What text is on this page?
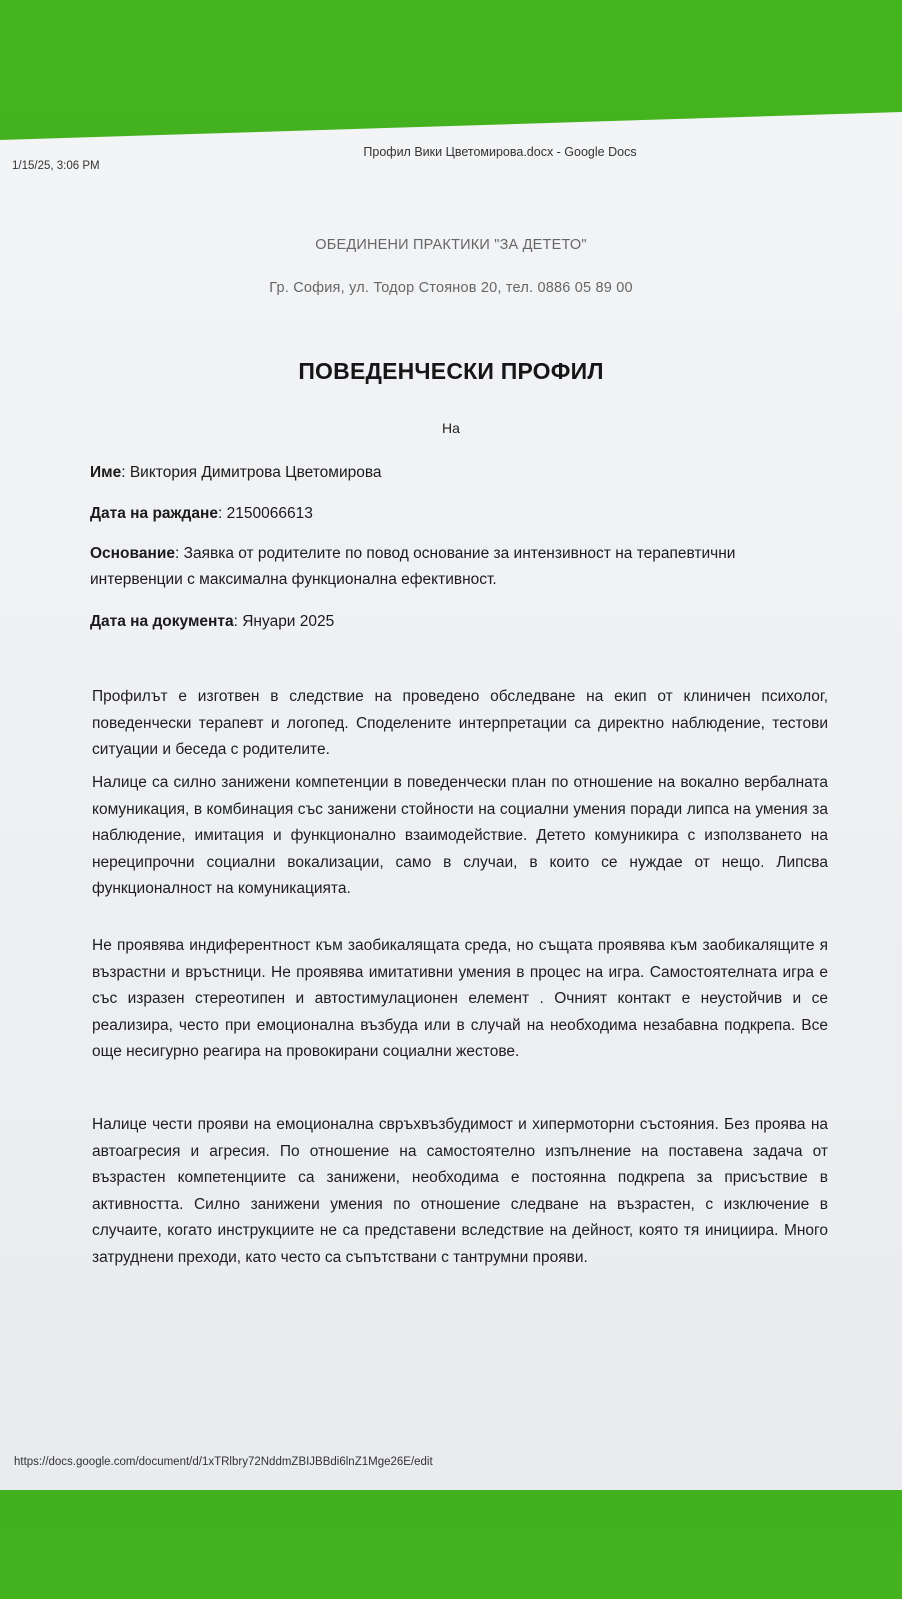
1/15/25, 3:06 PM
Профил Вики Цветомирова.docx - Google Docs
ОБЕДИНЕНИ ПРАКТИКИ "ЗА ДЕТЕТО"
Гр. София, ул. Тодор Стоянов 20, тел. 0886 05 89 00
ПОВЕДЕНЧЕСКИ ПРОФИЛ
На
Име: Виктория Димитрова Цветомирова
Дата на раждане: 2150066613
Основание: Заявка от родителите по повод основание за интензивност на терапевтични интервенции с максимална функционална ефективност.
Дата на документа: Януари 2025
Профилът е изготвен в следствие на проведено обследване на екип от клиничен психолог, поведенчески терапевт и логопед. Споделените интерпретации са директно наблюдение, тестови ситуации и беседа с родителите.
Налице са силно занижени компетенции в поведенчески план по отношение на вокално вербалната комуникация, в комбинация със занижени стойности на социални умения поради липса на умения за наблюдение, имитация и функционално взаимодействие. Детето комуникира с използването на нереципрочни социални вокализации, само в случаи, в които се нуждае от нещо. Липсва функционалност на комуникацията.
Не проявява индиферентност към заобикалящата среда, но същата проявява към заобикалящите я възрастни и връстници. Не проявява имитативни умения в процес на игра. Самостоятелната игра е със изразен стереотипен и автостимулационен елемент . Очният контакт е неустойчив и се реализира, често при емоционална възбуда или в случай на необходима незабавна подкрепа. Все още несигурно реагира на провокирани социални жестове.
Налице чести прояви на емоционална свръхвъзбудимост и хипермоторни състояния. Без проява на автоагресия и агресия. По отношение на самостоятелно изпълнение на поставена задача от възрастен компетенциите са занижени, необходима е постоянна подкрепа за присъствие в активността. Силно занижени умения по отношение следване на възрастен, с изключение в случаите, когато инструкциите не са представени вследствие на дейност, която тя инициира. Много затруднени преходи, като често са съпътствани с тантрумни прояви.
https://docs.google.com/document/d/1xTRlbry72NddmZBIJBBdi6lnZ1Mge26E/edit
